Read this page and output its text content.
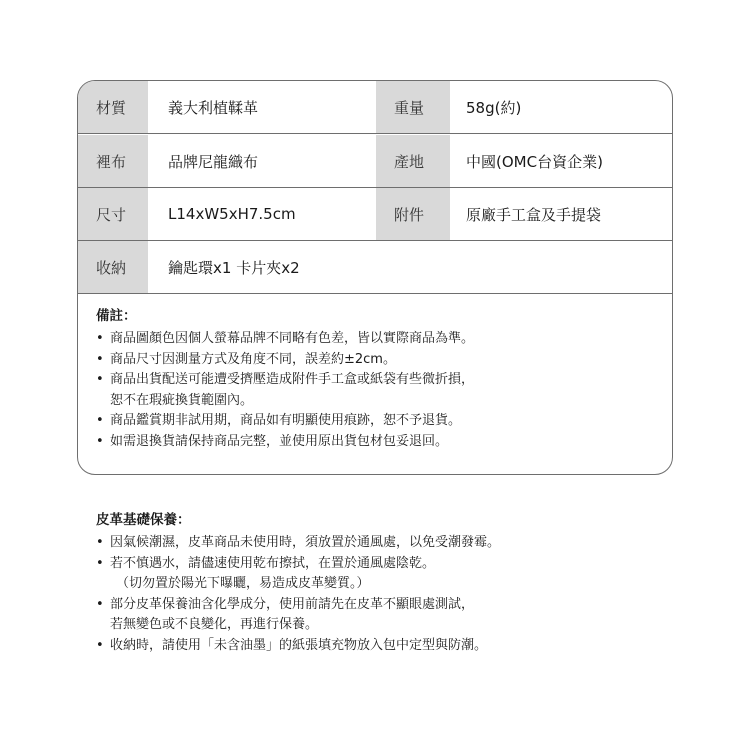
材質	義大利植鞣革	重量	58g(約)
裡布	品牌尼龍織布	產地	中國(OMC台資企業)
尺寸	L14xW5xH7.5cm	附件	原廠手工盒及手提袋
收納	鑰匙環x1 卡片夾x2
備註：
• 商品圖顏色因個人螢幕品牌不同略有色差，皆以實際商品為準。
• 商品尺寸因測量方式及角度不同，誤差約±2cm。
• 商品出貨配送可能遭受擠壓造成附件手工盒或紙袋有些微折損，
恕不在瑕疵換貨範圍內。
• 商品鑑賞期非試用期，商品如有明顯使用痕跡，恕不予退貨。
• 如需退換貨請保持商品完整，並使用原出貨包材包妥退回。
皮革基礎保養：
• 因氣候潮濕，皮革商品未使用時，須放置於通風處，以免受潮發霉。
• 若不慎遇水，請儘速使用乾布擦拭，在置於通風處陰乾。
（切勿置於陽光下曝曬，易造成皮革變質。）
• 部分皮革保養油含化學成分，使用前請先在皮革不顯眼處測試，
若無變色或不良變化，再進行保養。
• 收納時，請使用「未含油墨」的紙張填充物放入包中定型與防潮。
